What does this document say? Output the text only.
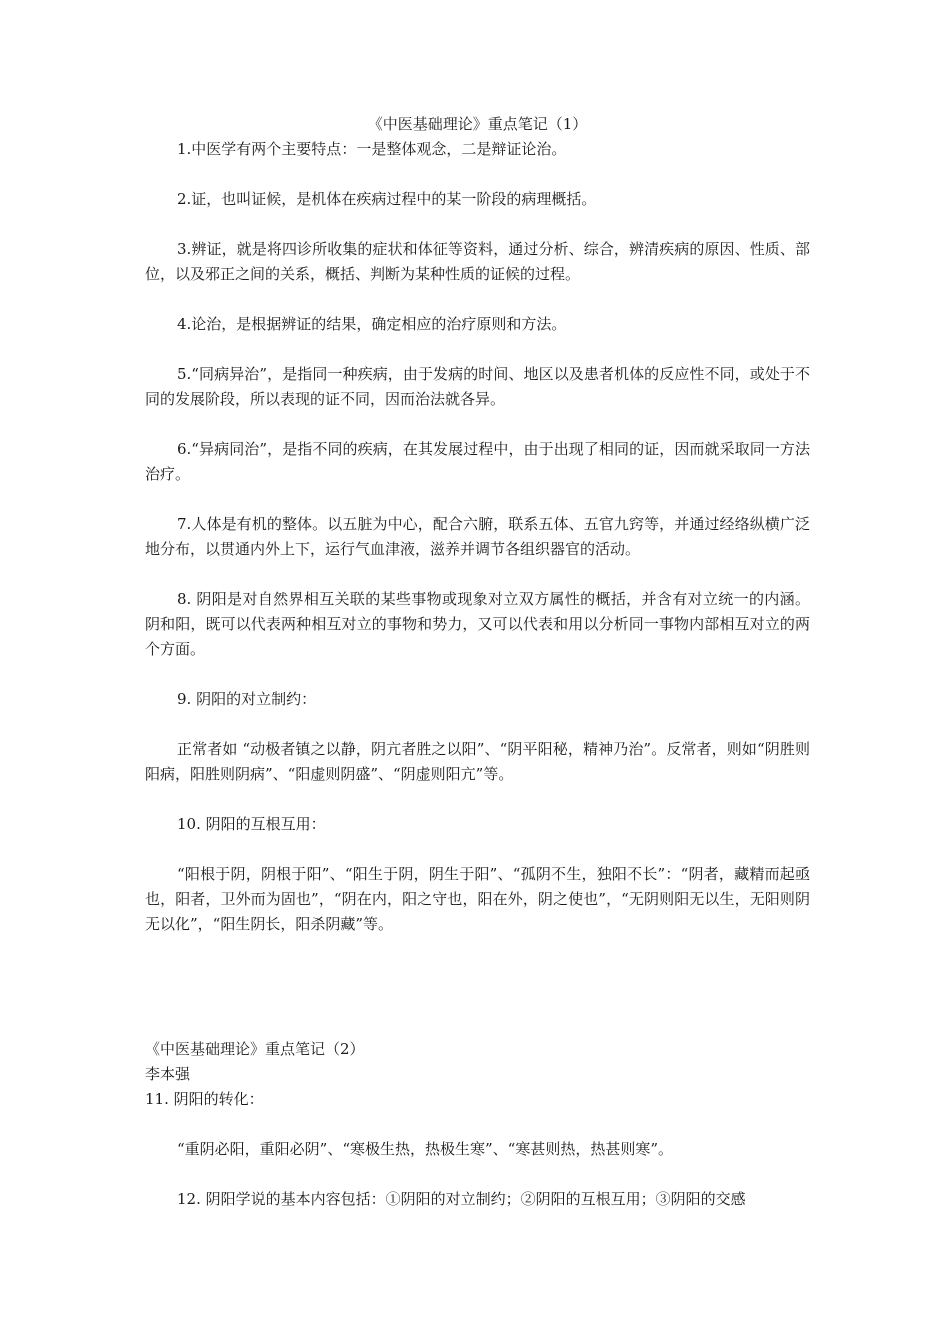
《中医基础理论》重点笔记（1）

1.中医学有两个主要特点：一是整体观念，二是辩证论治。

2.证，也叫证候，是机体在疾病过程中的某一阶段的病理概括。

3.辨证，就是将四诊所收集的症状和体征等资料，通过分析、综合，辨清疾病的原因、性质、部位，以及邪正之间的关系，概括、判断为某种性质的证候的过程。

4.论治，是根据辨证的结果，确定相应的治疗原则和方法。

5.“同病异治”，是指同一种疾病，由于发病的时间、地区以及患者机体的反应性不同，或处于不同的发展阶段，所以表现的证不同，因而治法就各异。

6.“异病同治”，是指不同的疾病，在其发展过程中，由于出现了相同的证，因而就采取同一方法治疗。

7.人体是有机的整体。以五脏为中心，配合六腑，联系五体、五官九窍等，并通过经络纵横广泛地分布，以贯通内外上下，运行气血津液，滋养并调节各组织器官的活动。

8. 阴阳是对自然界相互关联的某些事物或现象对立双方属性的概括，并含有对立统一的内涵。阴和阳，既可以代表两种相互对立的事物和势力，又可以代表和用以分析同一事物内部相互对立的两个方面。

9. 阴阳的对立制约：

正常者如 “动极者镇之以静，阴亢者胜之以阳”、“阴平阳秘，精神乃治”。反常者，则如“阴胜则阳病，阳胜则阴病”、“阳虚则阴盛”、“阴虚则阳亢”等。

10. 阴阳的互根互用：

“阳根于阴，阴根于阳”、“阳生于阴，阴生于阳”、“孤阴不生，独阳不长”：“阴者，藏精而起亟也，阳者，卫外而为固也”，“阴在内，阳之守也，阳在外，阴之使也”，“无阴则阳无以生，无阳则阴无以化”，“阳生阴长，阳杀阴藏”等。

《中医基础理论》重点笔记（2）

李本强

11. 阴阳的转化：

“重阴必阳，重阳必阴”、“寒极生热，热极生寒”、“寒甚则热，热甚则寒”。

12. 阴阳学说的基本内容包括：①阴阳的对立制约；②阴阳的互根互用；③阴阳的交感
